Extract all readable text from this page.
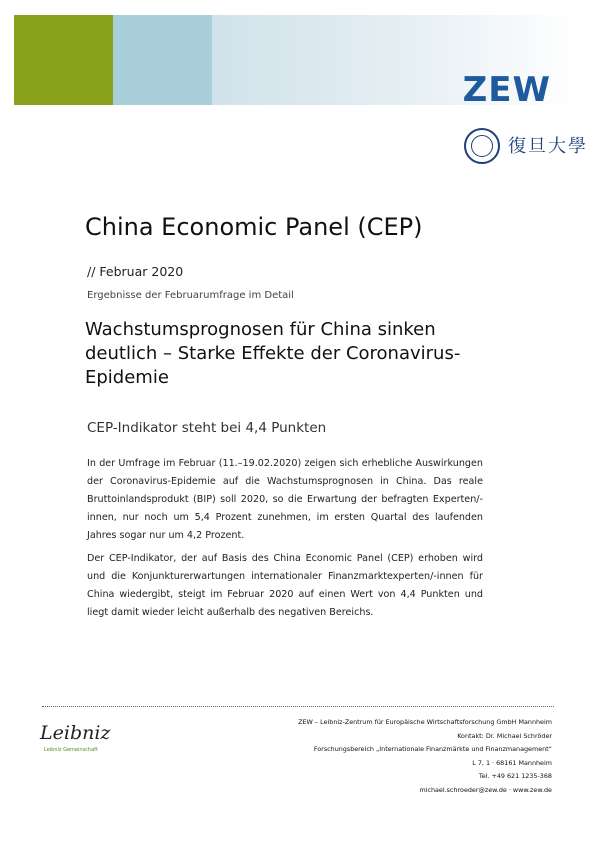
ZEW
復旦大學
China Economic Panel (CEP)
// Februar 2020
Ergebnisse der Februarumfrage im Detail
Wachstumsprognosen für China sinken deutlich – Starke Effekte der Coronavirus-Epidemie
CEP-Indikator steht bei 4,4 Punkten

In der Umfrage im Februar (11.–19.02.2020) zeigen sich erhebliche Auswirkungen der Coronavirus-Epidemie auf die Wachstumsprognosen in China. Das reale Bruttoinlandsprodukt (BIP) soll 2020, so die Erwartung der befragten Experten/-innen, nur noch um 5,4 Prozent zunehmen, im ersten Quartal des laufenden Jahres sogar nur um 4,2 Prozent.

Der CEP-Indikator, der auf Basis des China Economic Panel (CEP) erhoben wird und die Konjunkturerwartungen internationaler Finanzmarktexperten/-innen für China wiedergibt, steigt im Februar 2020 auf einen Wert von 4,4 Punkten und liegt damit wieder leicht außerhalb des negativen Bereichs.

Leibniz
Leibniz Gemeinschaft
ZEW – Leibniz-Zentrum für Europäische Wirtschaftsforschung GmbH Mannheim
Kontakt: Dr. Michael Schröder
Forschungsbereich „Internationale Finanzmärkte und Finanzmanagement“
L 7, 1 · 68161 Mannheim
Tel. +49 621 1235-368
michael.schroeder@zew.de · www.zew.de
